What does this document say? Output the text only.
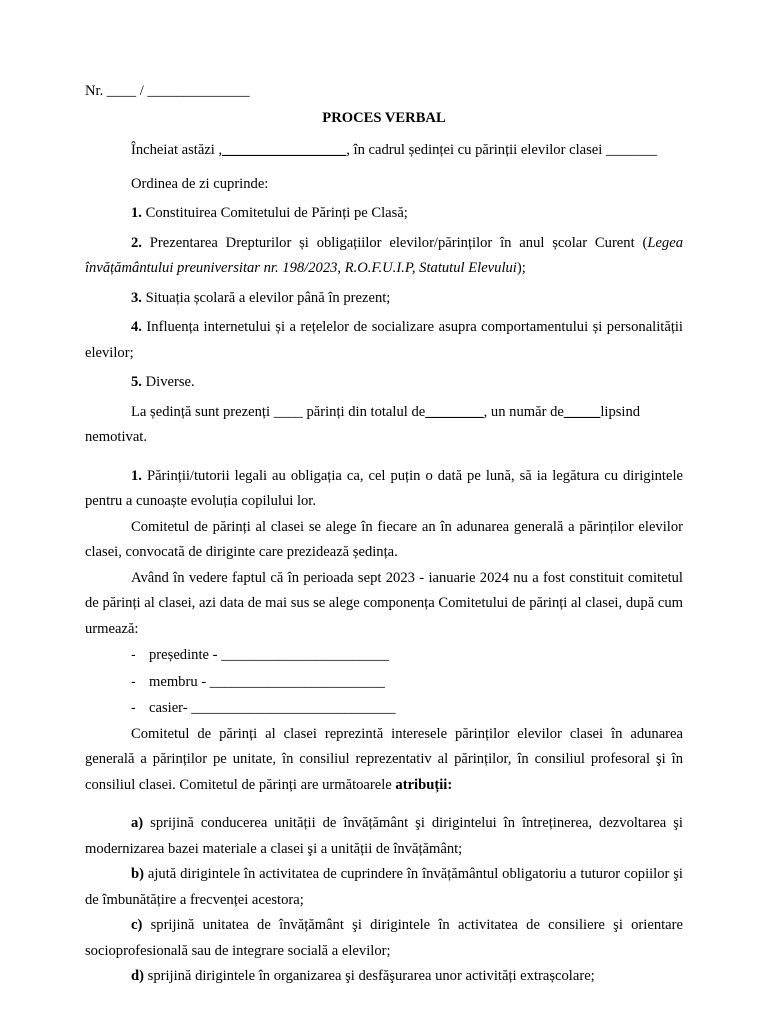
Nr. ____ / ______________

PROCES VERBAL

Încheiat astăzi ,_________________, în cadrul ședinței cu părinții elevilor clasei _______

Ordinea de zi cuprinde:

1. Constituirea Comitetului de Părinți pe Clasă;

2. Prezentarea Drepturilor și obligațiilor elevilor/părinților în anul școlar Curent (Legea învățământului preuniversitar nr. 198/2023, R.O.F.U.I.P, Statutul Elevului);

3. Situația școlară a elevilor până în prezent;

4. Influența internetului și a rețelelor de socializare asupra comportamentului și personalității elevilor;

5. Diverse.

La ședință sunt prezenți ____ părinți din totalul de________, un număr de_____lipsind nemotivat.

1. Părinții/tutorii legali au obligația ca, cel puțin o dată pe lună, să ia legătura cu dirigintele pentru a cunoaște evoluția copilului lor.

Comitetul de părinți al clasei se alege în fiecare an în adunarea generală a părinților elevilor clasei, convocată de diriginte care prezidează ședința.

Având în vedere faptul că în perioada sept 2023 - ianuarie 2024 nu a fost constituit comitetul de părinți al clasei, azi data de mai sus se alege componența Comitetului de părinți al clasei, după cum urmează:

- președinte - _______________________

- membru - ________________________

- casier- ____________________________

Comitetul de părinți al clasei reprezintă interesele părinților elevilor clasei în adunarea generală a părinților pe unitate, în consiliul reprezentativ al părinților, în consiliul profesoral şi în consiliul clasei. Comitetul de părinți are următoarele atribuții:

a) sprijină conducerea unității de învățământ şi dirigintelui în întreținerea, dezvoltarea şi modernizarea bazei materiale a clasei şi a unității de învățământ;

b) ajută dirigintele în activitatea de cuprindere în învățământul obligatoriu a tuturor copiilor şi de îmbunătățire a frecvenței acestora;

c) sprijină unitatea de învățământ şi dirigintele în activitatea de consiliere şi orientare socioprofesională sau de integrare socială a elevilor;

d) sprijină dirigintele în organizarea şi desfăşurarea unor activități extrașcolare;
